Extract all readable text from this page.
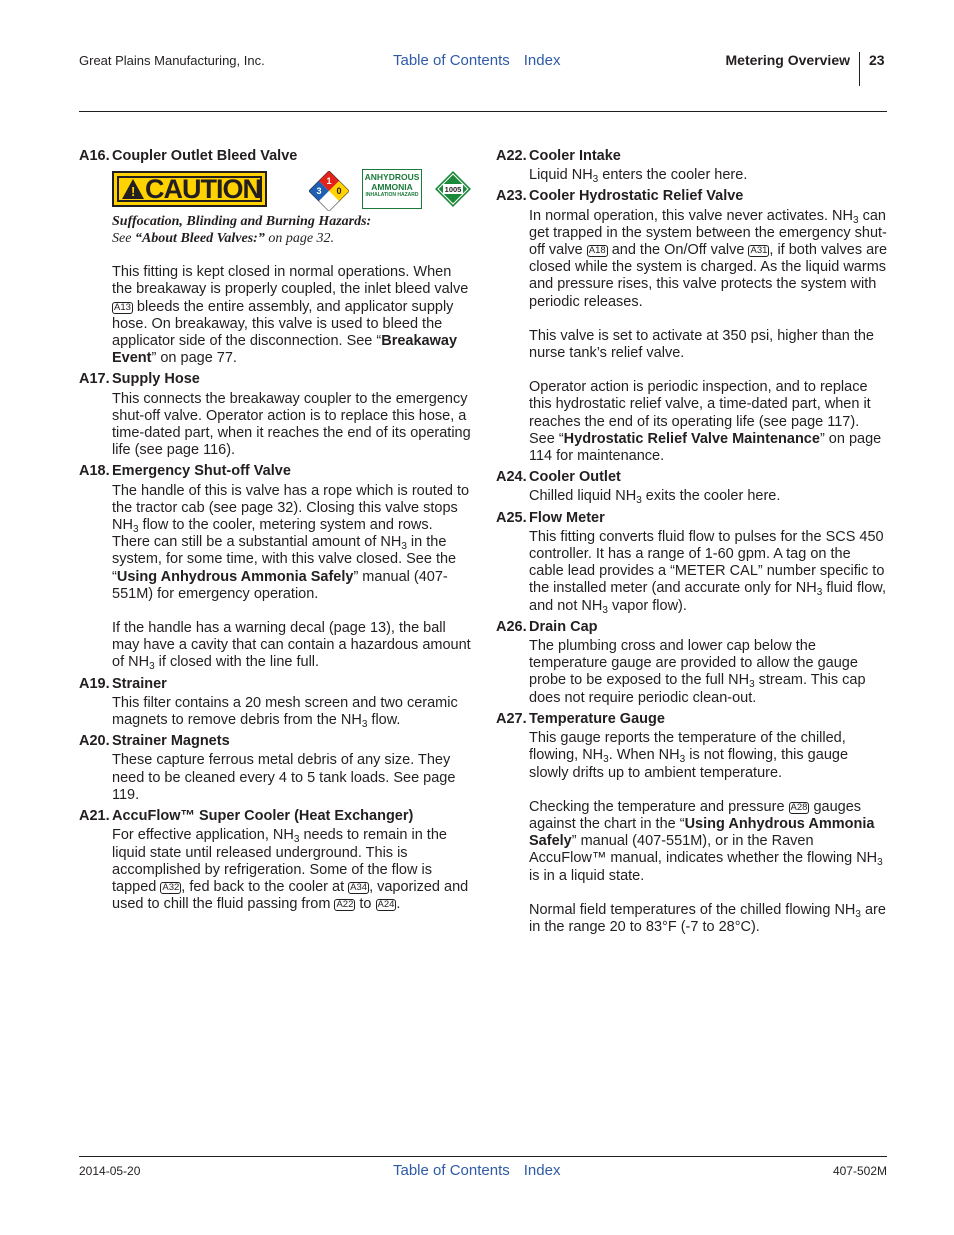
Great Plains Manufacturing, Inc.	Table of Contents Index	Metering Overview 23
A16. Coupler Outlet Bleed Valve
! CAUTION	1
3 0
ANHYDROUS
AMMONIA
INHALATION HAZARD
1005
Suffocation, Blinding and Burning Hazards:
See “About Bleed Valves:” on page 32.

This fitting is kept closed in normal operations. When the breakaway is properly coupled, the inlet bleed valve A13 bleeds the entire assembly, and applicator supply hose. On breakaway, this valve is used to bleed the applicator side of the disconnection. See “Breakaway Event” on page 77.

A17. Supply Hose

This connects the breakaway coupler to the emergency shut-off valve. Operator action is to replace this hose, a time-dated part, when it reaches the end of its operating life (see page 116).

A18. Emergency Shut-off Valve

The handle of this is valve has a rope which is routed to the tractor cab (see page 32). Closing this valve stops $NH_3$ flow to the cooler, metering system and rows. There can still be a substantial amount of $NH_3$ in the system, for some time, with this valve closed. See the “Using Anhydrous Ammonia Safely” manual (407-551M) for emergency operation.

If the handle has a warning decal (page 13), the ball may have a cavity that can contain a hazardous amount of $NH_3$ if closed with the line full.

A19. Strainer

This filter contains a 20 mesh screen and two ceramic magnets to remove debris from the $NH_3$ flow.

A20. Strainer Magnets

These capture ferrous metal debris of any size. They need to be cleaned every 4 to 5 tank loads. See page 119.

A21. AccuFlow™ Super Cooler (Heat Exchanger)

For effective application, $NH_3$ needs to remain in the liquid state until released underground. This is accomplished by refrigeration. Some of the flow is tapped A32 , fed back to the cooler at A34 , vaporized and used to chill the fluid passing from A22 to A24 .

A22. Cooler Intake

Liquid $NH_3$ enters the cooler here.

A23. Cooler Hydrostatic Relief Valve

In normal operation, this valve never activates. $NH_3$ can get trapped in the system between the emergency shut-off valve A18 and the On/Off valve A31 , if both valves are closed while the system is charged. As the liquid warms and pressure rises, this valve protects the system with periodic releases.

This valve is set to activate at 350 psi, higher than the nurse tank’s relief valve.

Operator action is periodic inspection, and to replace this hydrostatic relief valve, a time-dated part, when it reaches the end of its operating life (see page 117). See “Hydrostatic Relief Valve Maintenance” on page 114 for maintenance.

A24. Cooler Outlet

Chilled liquid $NH_3$ exits the cooler here.

A25. Flow Meter

This fitting converts fluid flow to pulses for the SCS 450 controller. It has a range of 1-60 gpm. A tag on the cable lead provides a “METER CAL” number specific to the installed meter (and accurate only for $NH_3$ fluid flow, and not $NH_3$ vapor flow).

A26. Drain Cap

The plumbing cross and lower cap below the temperature gauge are provided to allow the gauge probe to be exposed to the full $NH_3$ stream. This cap does not require periodic clean-out.

A27. Temperature Gauge

This gauge reports the temperature of the chilled, flowing, $NH_3$. When $NH_3$ is not flowing, this gauge slowly drifts up to ambient temperature.

Checking the temperature and pressure A28 gauges against the chart in the “Using Anhydrous Ammonia Safely” manual (407-551M), or in the Raven AccuFlow™ manual, indicates whether the flowing $NH_3$ is in a liquid state.

Normal field temperatures of the chilled flowing $NH_3$ are in the range 20 to 83°F (-7 to 28°C).

2014-05-20	Table of Contents Index	407-502M
